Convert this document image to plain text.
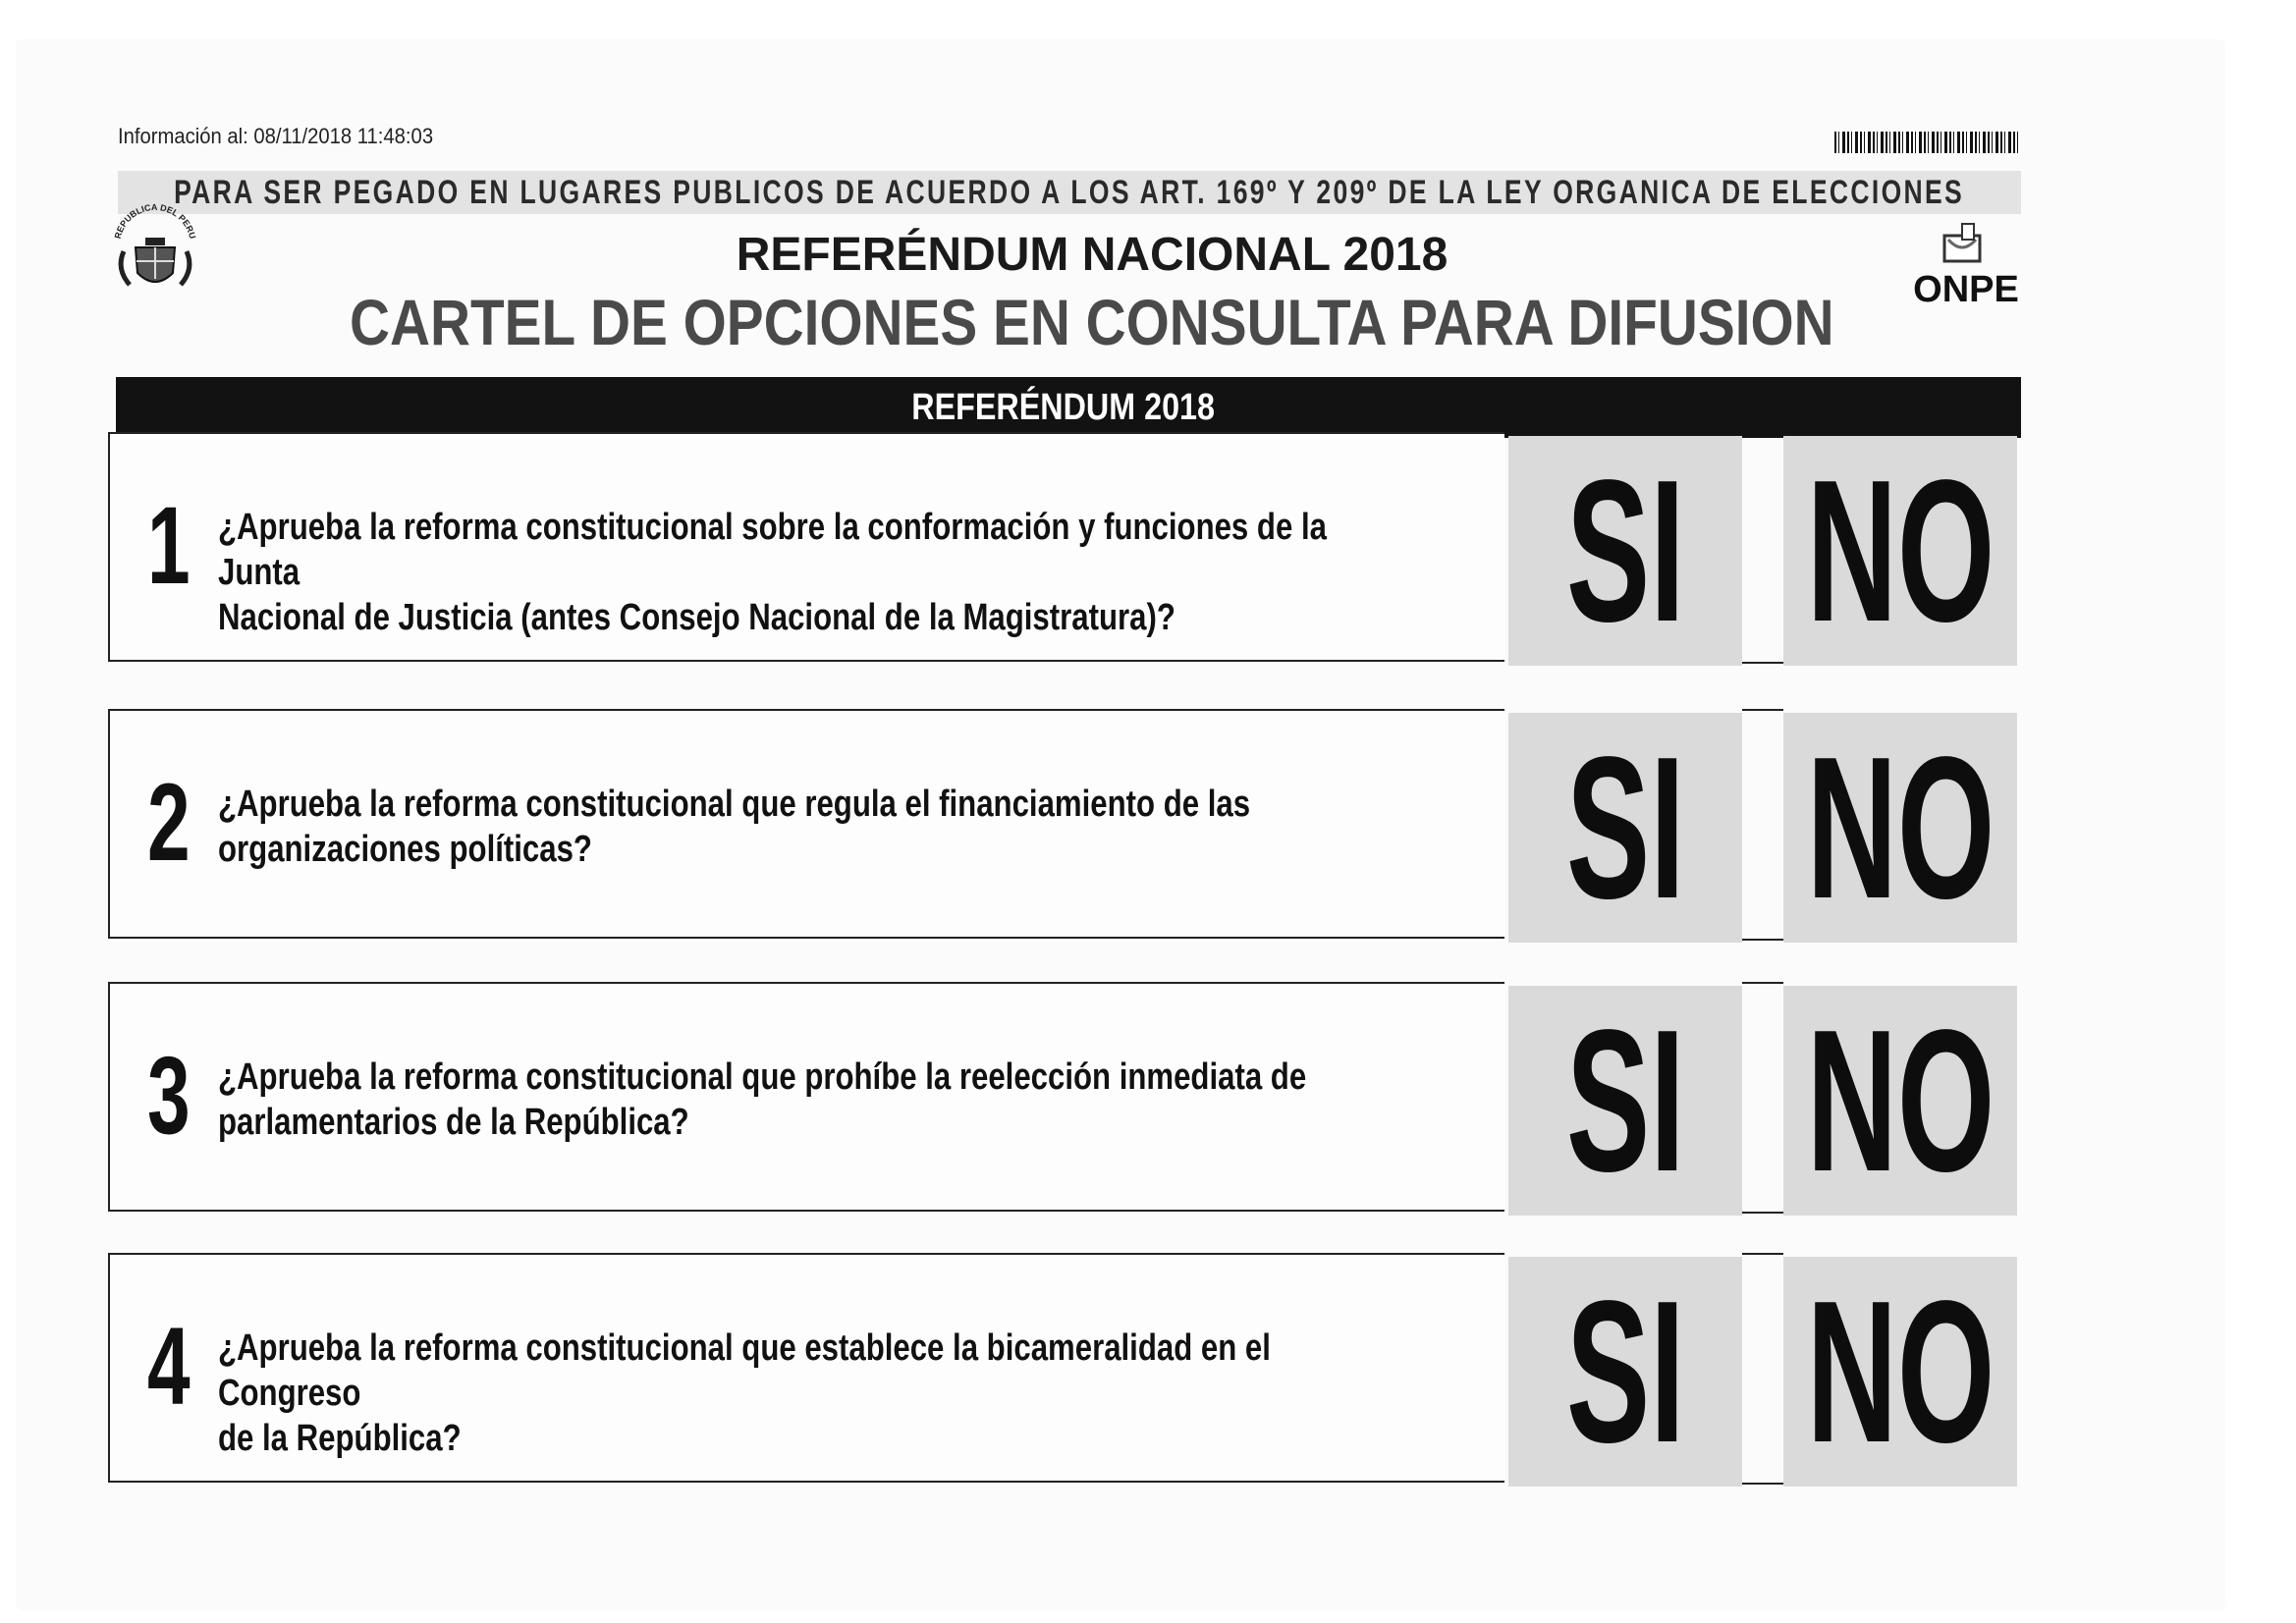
Información al: 08/11/2018 11:48:03
PARA SER PEGADO EN LUGARES PUBLICOS DE ACUERDO A LOS ART. 169º Y 209º DE LA LEY ORGANICA DE ELECCIONES
REPUBLICA DEL PERU	REFERÉNDUM NACIONAL 2018
CARTEL DE OPCIONES EN CONSULTA PARA DIFUSION	ONPE
REFERÉNDUM 2018
1 ¿Aprueba la reforma constitucional sobre la conformación y funciones de la Junta
Nacional de Justicia (antes Consejo Nacional de la Magistratura)?	SI NO
2 ¿Aprueba la reforma constitucional que regula el financiamiento de las
organizaciones políticas?	SI NO
3 ¿Aprueba la reforma constitucional que prohíbe la reelección inmediata de
parlamentarios de la República?	SI NO
4 ¿Aprueba la reforma constitucional que establece la bicameralidad en el Congreso
de la República?	SI NO
